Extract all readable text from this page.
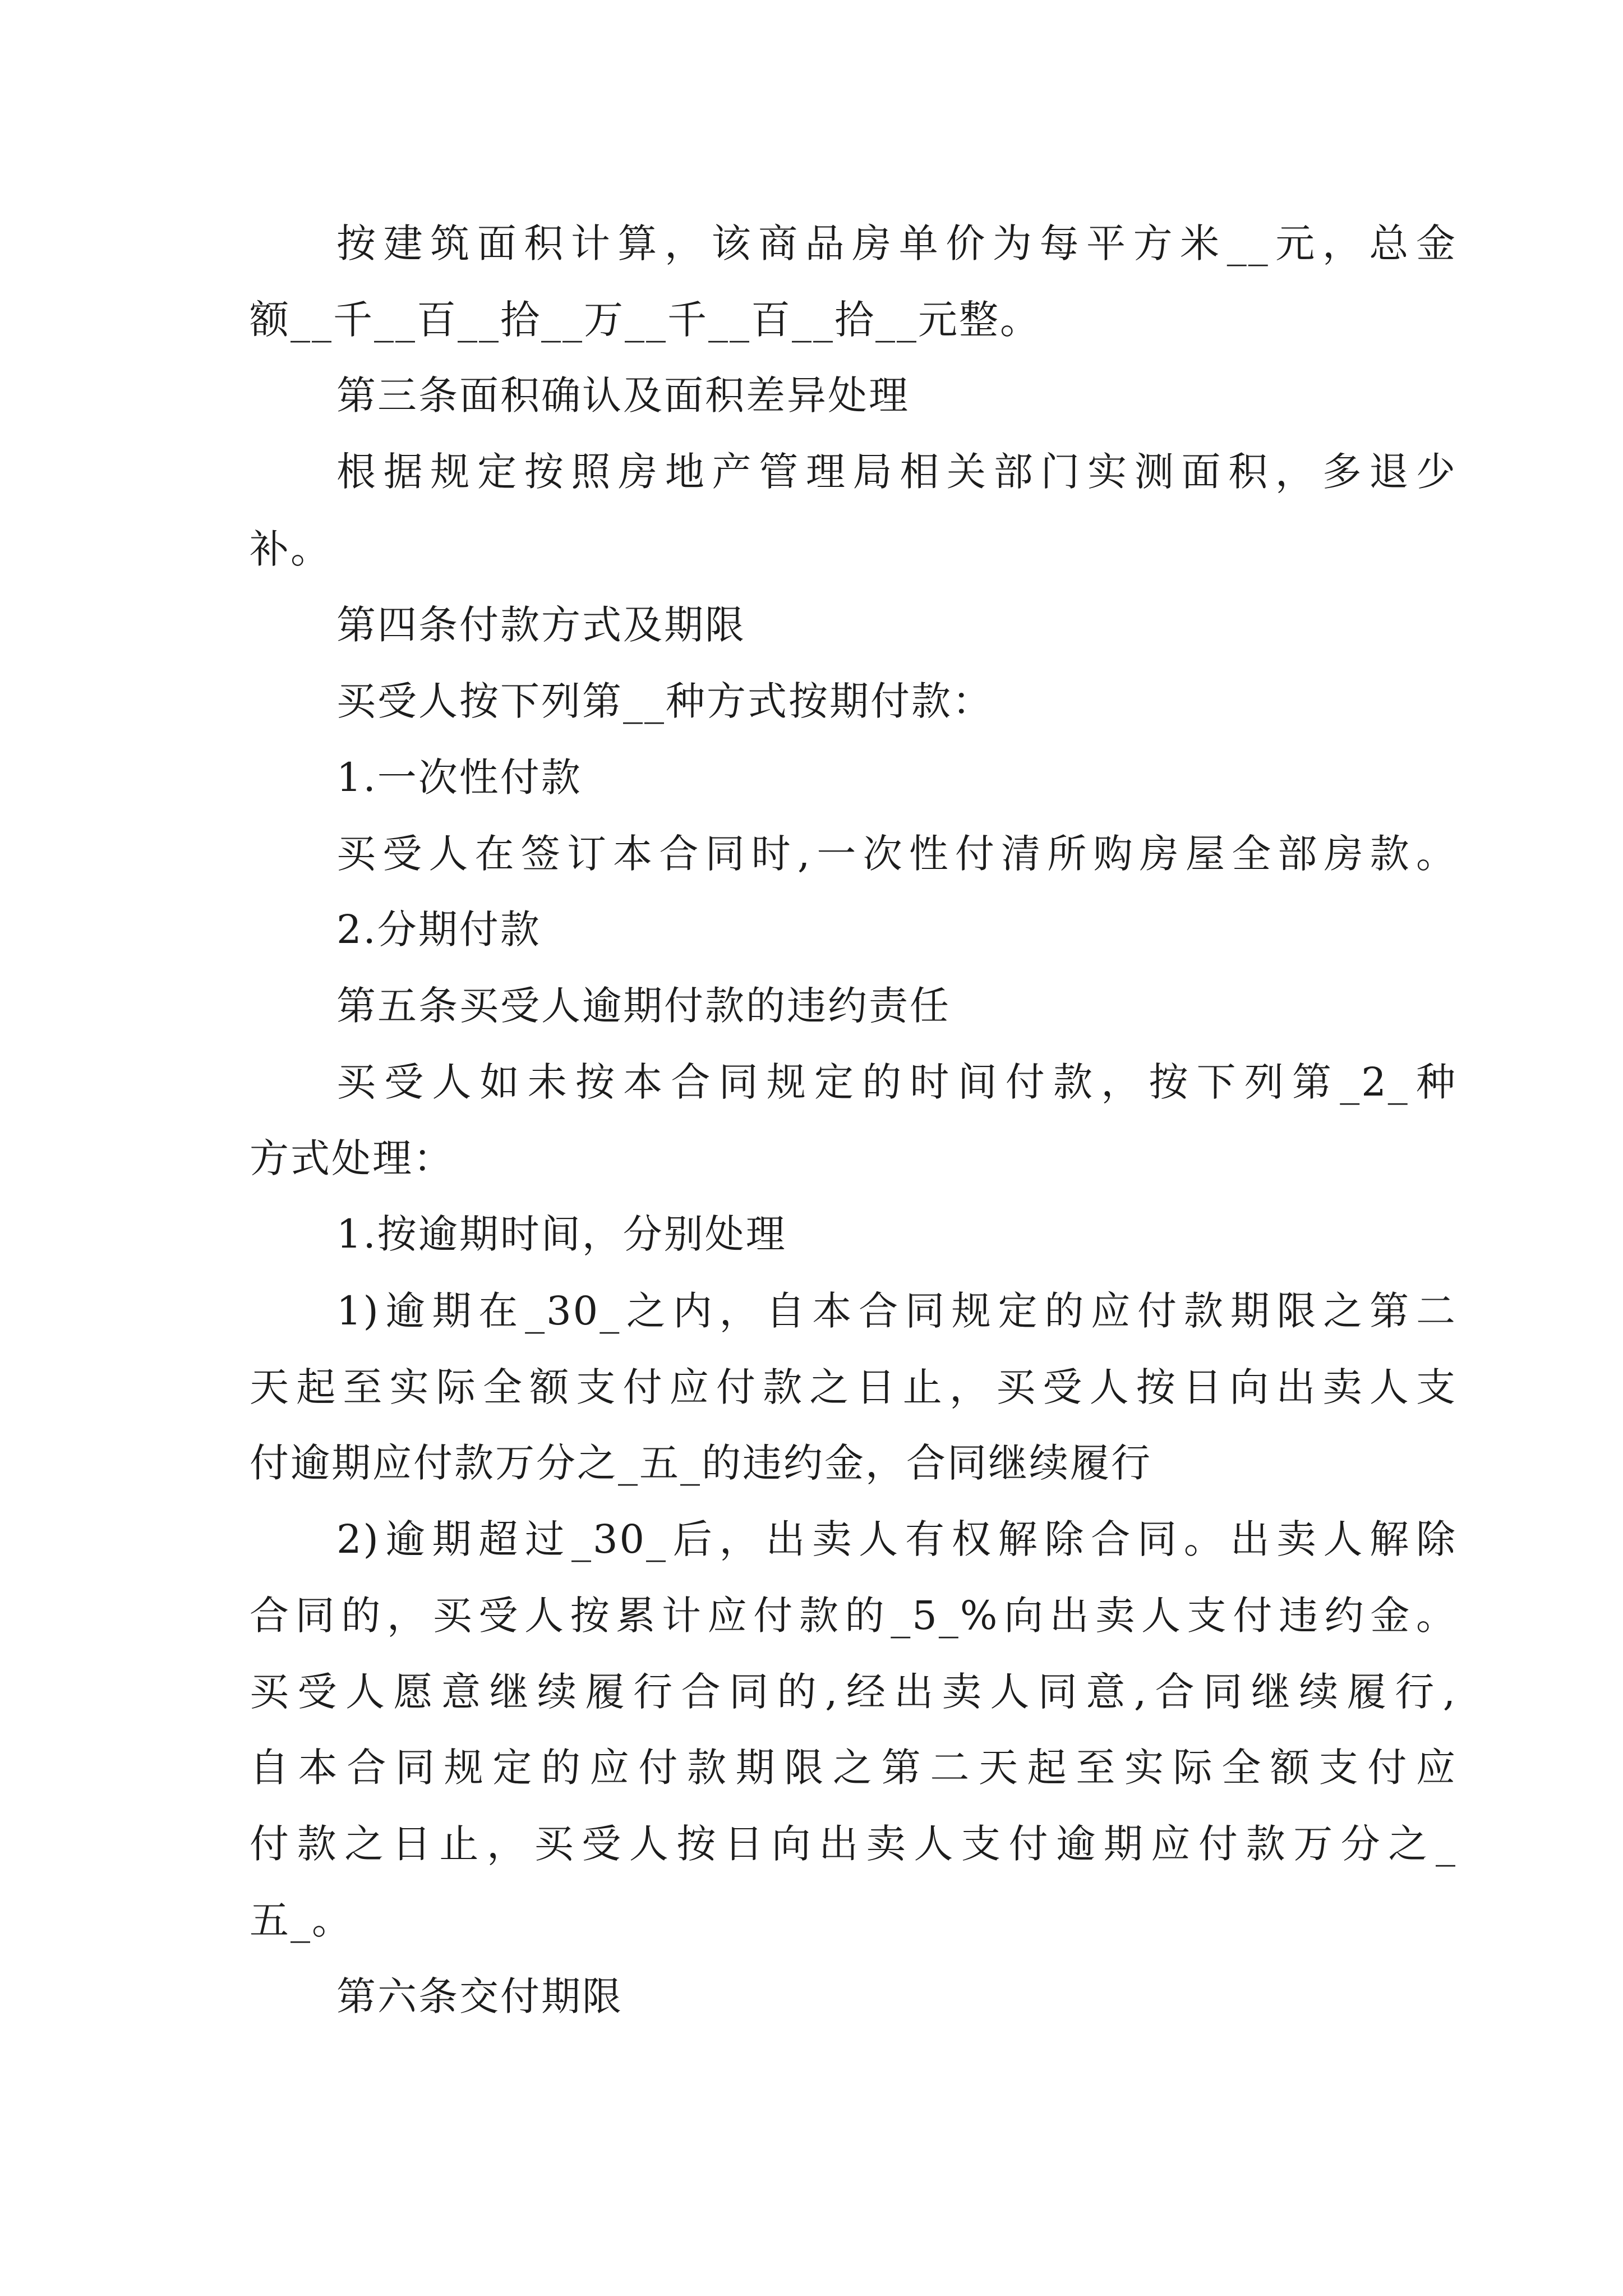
按建筑面积计算，该商品房单价为每平方米__元，总金
额__千__百__拾__万__千__百__拾__元整。
第三条面积确认及面积差异处理
根据规定按照房地产管理局相关部门实测面积，多退少
补。
第四条付款方式及期限
买受人按下列第__种方式按期付款：
1.一次性付款
买受人在签订本合同时,一次性付清所购房屋全部房款。
2.分期付款
第五条买受人逾期付款的违约责任
买受人如未按本合同规定的时间付款，按下列第_2_种
方式处理：
1.按逾期时间，分别处理
1)逾期在_30_之内，自本合同规定的应付款期限之第二
天起至实际全额支付应付款之日止，买受人按日向出卖人支
付逾期应付款万分之_五_的违约金，合同继续履行
2)逾期超过_30_后，出卖人有权解除合同。出卖人解除
合同的，买受人按累计应付款的_5_%向出卖人支付违约金。
买受人愿意继续履行合同的,经出卖人同意,合同继续履行,
自本合同规定的应付款期限之第二天起至实际全额支付应
付款之日止，买受人按日向出卖人支付逾期应付款万分之_
五_。
第六条交付期限
